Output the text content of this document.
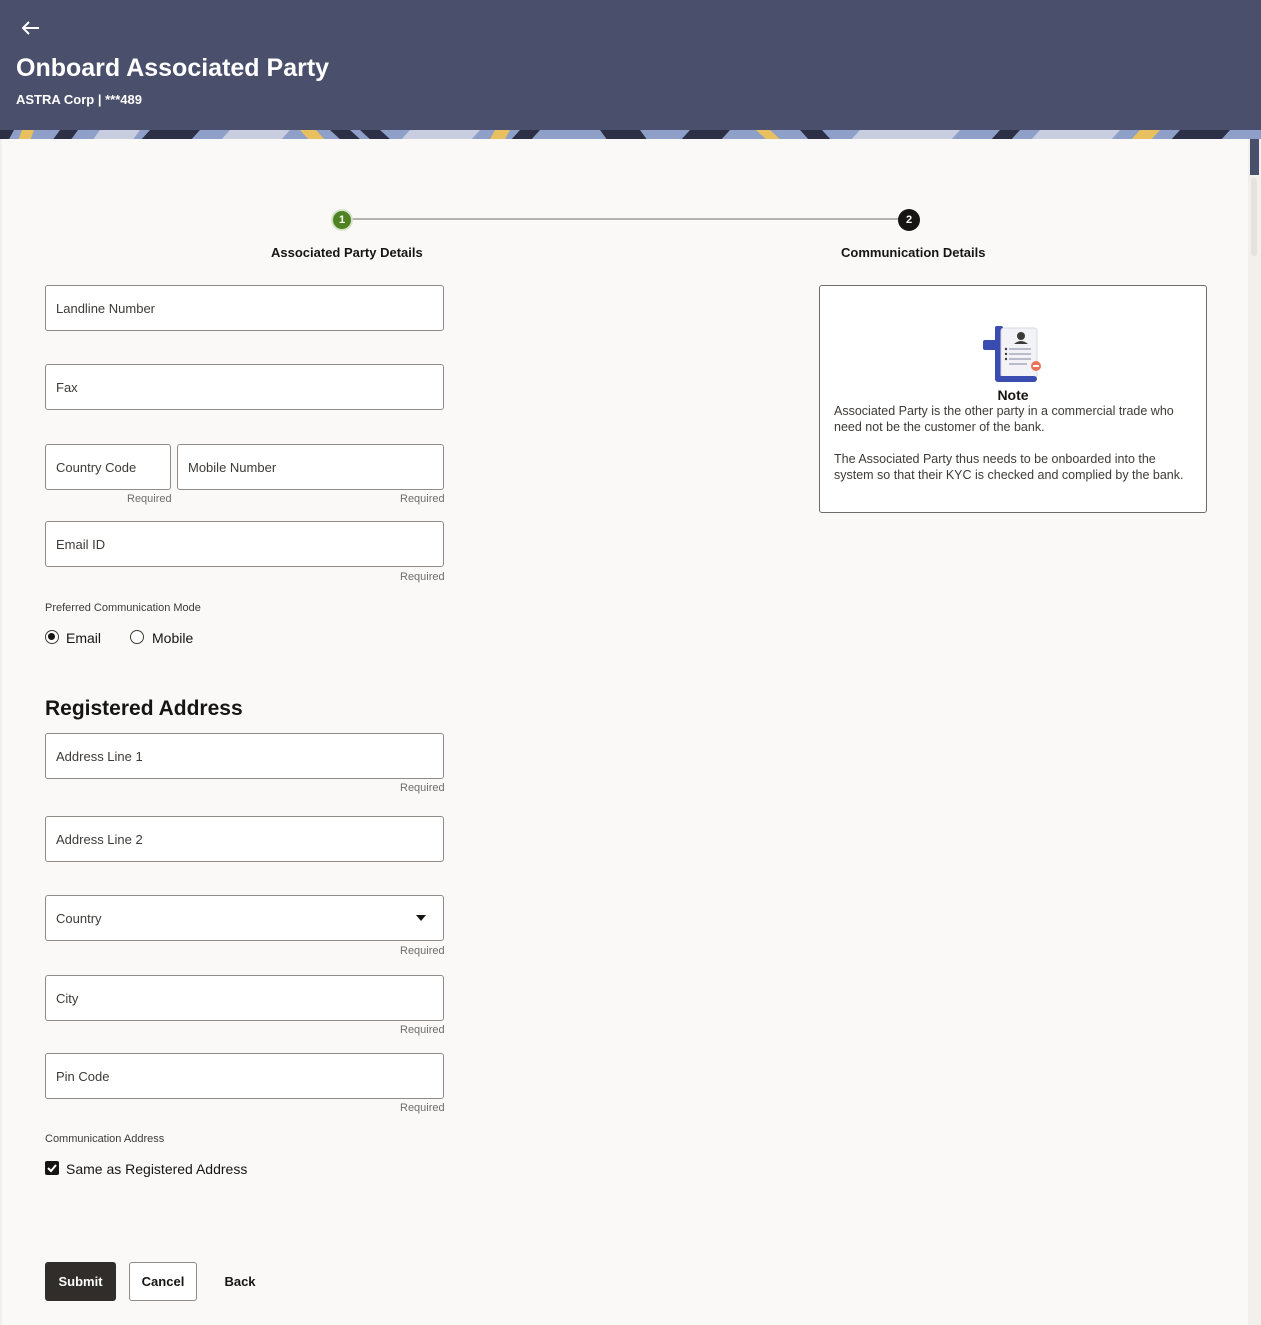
Onboard Associated Party
ASTRA Corp | ***489
1	2
Associated Party Details	Communication Details
Landline Number
Fax
Country Code
Required
Mobile Number
Required
Email ID
Required
Preferred Communication Mode
Email	Mobile
Registered Address
Address Line 1
Required
Address Line 2
Country
Required
City
Required
Pin Code
Required
Communication Address
Same as Registered Address
Note
Associated Party is the other party in a commercial trade who need not be the customer of the bank.
The Associated Party thus needs to be onboarded into the system so that their KYC is checked and complied by the bank.
Submit	Cancel	Back
